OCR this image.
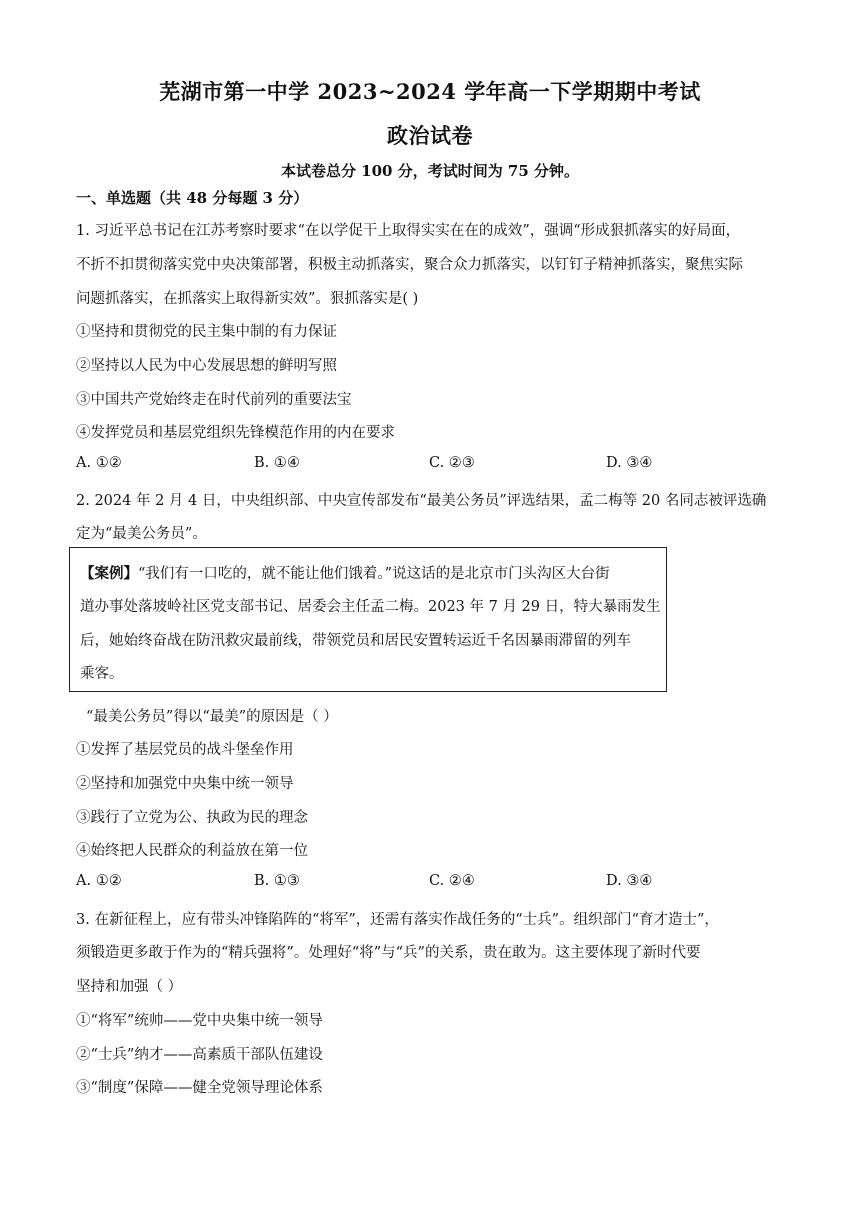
芜湖市第一中学 2023~2024 学年高一下学期期中考试
政治试卷
本试卷总分 100 分，考试时间为 75 分钟。
一、单选题（共 48 分每题 3 分）
1. 习近平总书记在江苏考察时要求“在以学促干上取得实实在在的成效”，强调“形成狠抓落实的好局面，
不折不扣贯彻落实党中央决策部署，积极主动抓落实，聚合众力抓落实，以钉钉子精神抓落实，聚焦实际
问题抓落实，在抓落实上取得新实效”。狠抓落实是( )
①坚持和贯彻党的民主集中制的有力保证
②坚持以人民为中心发展思想的鲜明写照
③中国共产党始终走在时代前列的重要法宝
④发挥党员和基层党组织先锋模范作用的内在要求
A. ①②	B. ①④	C. ②③	D. ③④
2. 2024 年 2 月 4 日，中央组织部、中央宣传部发布“最美公务员”评选结果，孟二梅等 20 名同志被评选确
定为“最美公务员”。
【案例】“我们有一口吃的，就不能让他们饿着。”说这话的是北京市门头沟区大台街
道办事处落坡岭社区党支部书记、居委会主任孟二梅。2023 年 7 月 29 日，特大暴雨发生
后，她始终奋战在防汛救灾最前线，带领党员和居民安置转运近千名因暴雨滞留的列车
乘客。
“最美公务员”得以“最美”的原因是（ ）
①发挥了基层党员的战斗堡垒作用
②坚持和加强党中央集中统一领导
③践行了立党为公、执政为民的理念
④始终把人民群众的利益放在第一位
A. ①②	B. ①③	C. ②④	D. ③④
3. 在新征程上，应有带头冲锋陷阵的“将军”，还需有落实作战任务的“士兵”。组织部门“育才造士”，
须锻造更多敢于作为的“精兵强将”。处理好“将”与“兵”的关系，贵在敢为。这主要体现了新时代要
坚持和加强（ ）
①“将军”统帅——党中央集中统一领导
②“士兵”纳才——高素质干部队伍建设
③“制度”保障——健全党领导理论体系
